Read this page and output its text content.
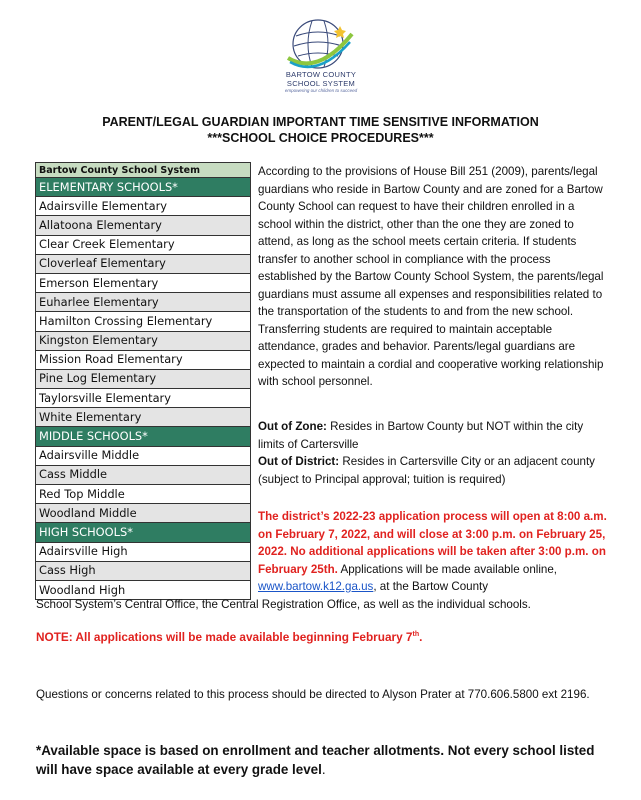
BARTOW COUNTY
SCHOOL SYSTEM
empowering our children to succeed
PARENT/LEGAL GUARDIAN IMPORTANT TIME SENSITIVE INFORMATION
***SCHOOL CHOICE PROCEDURES***
Bartow County School System
ELEMENTARY SCHOOLS*
Adairsville Elementary
Allatoona Elementary
Clear Creek Elementary
Cloverleaf Elementary
Emerson Elementary
Euharlee Elementary
Hamilton Crossing Elementary
Kingston Elementary
Mission Road Elementary
Pine Log Elementary
Taylorsville Elementary
White Elementary
MIDDLE SCHOOLS*
Adairsville Middle
Cass Middle
Red Top Middle
Woodland Middle
HIGH SCHOOLS*
Adairsville High
Cass High
Woodland High
According to the provisions of House Bill 251 (2009), parents/legal guardians who reside in Bartow County and are zoned for a Bartow County School can request to have their children enrolled in a school within the district, other than the one they are zoned to attend, as long as the school meets certain criteria. If students transfer to another school in compliance with the process established by the Bartow County School System, the parents/legal guardians must assume all expenses and responsibilities related to the transportation of the students to and from the new school. Transferring students are required to maintain acceptable attendance, grades and behavior. Parents/legal guardians are expected to maintain a cordial and cooperative working relationship with school personnel.
Out of Zone: Resides in Bartow County but NOT within the city limits of Cartersville
Out of District: Resides in Cartersville City or an adjacent county (subject to Principal approval; tuition is required)
The district’s 2022-23 application process will open at 8:00 a.m. on February 7, 2022, and will close at 3:00 p.m. on February 25, 2022. No additional applications will be taken after 3:00 p.m. on February 25th. Applications will be made available online, www.bartow.k12.ga.us, at the Bartow County
School System’s Central Office, the Central Registration Office, as well as the individual schools.
NOTE: All applications will be made available beginning February 7th.
Questions or concerns related to this process should be directed to Alyson Prater at 770.606.5800 ext 2196.
*Available space is based on enrollment and teacher allotments. Not every school listed will have space available at every grade level.
